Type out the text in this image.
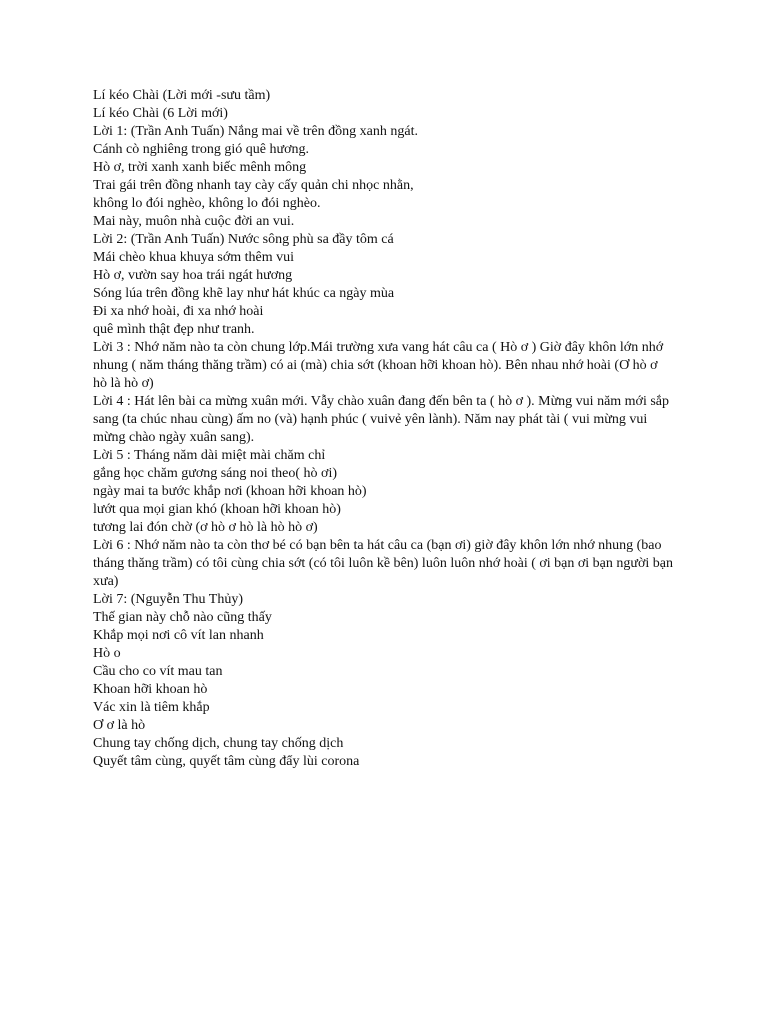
Lí kéo Chài (Lời mới -sưu tầm)
Lí kéo Chài (6 Lời mới)
Lời 1: (Trần Anh Tuấn) Nắng mai về trên đồng xanh ngát.
Cánh cò nghiêng trong gió quê hương.
Hò ơ, trời xanh xanh biếc mênh mông
Trai gái trên đồng nhanh tay cày cấy quản chi nhọc nhằn,
không lo đói nghèo, không lo đói nghèo.
Mai này, muôn nhà cuộc đời an vui.
Lời 2: (Trần Anh Tuấn) Nước sông phù sa đầy tôm cá
Mái chèo khua khuya sớm thêm vui
Hò ơ, vườn say hoa trái ngát hương
Sóng lúa trên đồng khẽ lay như hát khúc ca ngày mùa
Đi xa nhớ hoài, đi xa nhớ hoài
quê mình thật đẹp như tranh.
Lời 3 : Nhớ năm nào ta còn chung lớp.Mái trường xưa vang hát câu ca ( Hò ơ ) Giờ đây khôn lớn nhớ nhung ( năm tháng thăng trầm) có ai (mà) chia sớt (khoan hỡi khoan hò). Bên nhau nhớ hoài (Ơ hò ơ hò là hò ơ)
Lời 4 : Hát lên bài ca mừng xuân mới. Vẫy chào xuân đang đến bên ta ( hò ơ ). Mừng vui năm mới sắp sang (ta chúc nhau cùng) ấm no (và) hạnh phúc ( vuivẻ yên lành). Năm nay phát tài ( vui mừng vui mừng chào ngày xuân sang).
Lời 5 : Tháng năm dài miệt mài chăm chỉ
gắng học chăm gương sáng noi theo( hò ơi)
ngày mai ta bước khắp nơi (khoan hỡi khoan hò)
lướt qua mọi gian khó (khoan hỡi khoan hò)
tương lai đón chờ (ơ hò ơ hò là hò hò ơ)
Lời 6 : Nhớ năm nào ta còn thơ bé có bạn bên ta hát câu ca (bạn ơi) giờ đây khôn lớn nhớ nhung (bao tháng thăng trầm) có tôi cùng chia sớt (có tôi luôn kề bên) luôn luôn nhớ hoài ( ơi bạn ơi bạn người bạn xưa)
Lời 7: (Nguyễn Thu Thủy)
Thế gian này chỗ nào cũng thấy
Khắp mọi nơi cô vít lan nhanh
Hò o
Cầu cho co vít mau tan
Khoan hỡi khoan hò
Vác xin là tiêm khắp
Ơ ơ là hò
Chung tay chống dịch, chung tay chống dịch
Quyết tâm cùng, quyết tâm cùng đẩy lùi corona
